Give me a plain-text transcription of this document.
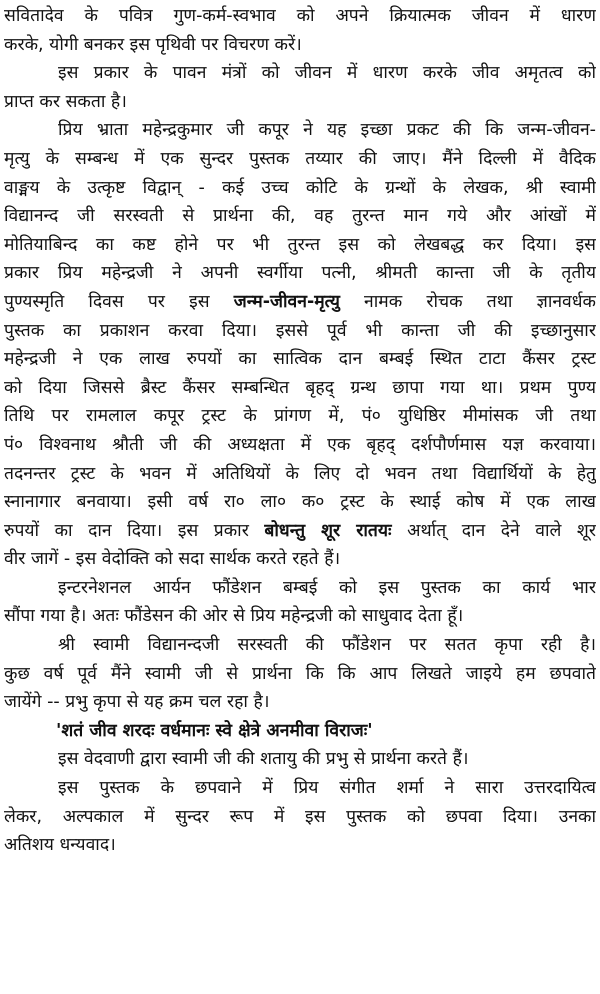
सवितादेव के पवित्र गुण-कर्म-स्वभाव को अपने क्रियात्मक जीवन में धारण
करके, योगी बनकर इस पृथिवी पर विचरण करें।
इस प्रकार के पावन मंत्रों को जीवन में धारण करके जीव अमृतत्व को
प्राप्त कर सकता है।
प्रिय भ्राता महेन्द्रकुमार जी कपूर ने यह इच्छा प्रकट की कि जन्म-जीवन-
मृत्यु के सम्बन्ध में एक सुन्दर पुस्तक तय्यार की जाए। मैंने दिल्ली में वैदिक
वाङ्मय के उत्कृष्ट विद्वान् - कई उच्च कोटि के ग्रन्थों के लेखक, श्री स्वामी
विद्यानन्द जी सरस्वती से प्रार्थना की, वह तुरन्त मान गये और आंखों में
मोतियाबिन्द का कष्ट होने पर भी तुरन्त इस को लेखबद्ध कर दिया। इस
प्रकार प्रिय महेन्द्रजी ने अपनी स्वर्गीया पत्नी, श्रीमती कान्ता जी के तृतीय
पुण्यस्मृति दिवस पर इस जन्म-जीवन-मृत्यु नामक रोचक तथा ज्ञानवर्धक
पुस्तक का प्रकाशन करवा दिया। इससे पूर्व भी कान्ता जी की इच्छानुसार
महेन्द्रजी ने एक लाख रुपयों का सात्विक दान बम्बई स्थित टाटा कैंसर ट्रस्ट
को दिया जिससे ब्रैस्ट कैंसर सम्बन्धित बृहद् ग्रन्थ छापा गया था। प्रथम पुण्य
तिथि पर रामलाल कपूर ट्रस्ट के प्रांगण में, पं० युधिष्ठिर मीमांसक जी तथा
पं० विश्वनाथ श्रौती जी की अध्यक्षता में एक बृहद् दर्शपौर्णमास यज्ञ करवाया।
तदनन्तर ट्रस्ट के भवन में अतिथियों के लिए दो भवन तथा विद्यार्थियों के हेतु
स्नानागार बनवाया। इसी वर्ष रा० ला० क० ट्रस्ट के स्थाई कोष में एक लाख
रुपयों का दान दिया। इस प्रकार बोधन्तु शूर रातयः अर्थात् दान देने वाले शूर
वीर जागें - इस वेदोक्ति को सदा सार्थक करते रहते हैं।
इन्टरनेशनल आर्यन फौंडेशन बम्बई को इस पुस्तक का कार्य भार
सौंपा गया है। अतः फौंडेसन की ओर से प्रिय महेन्द्रजी को साधुवाद देता हूँ।
श्री स्वामी विद्यानन्दजी सरस्वती की फौंडेशन पर सतत कृपा रही है।
कुछ वर्ष पूर्व मैंने स्वामी जी से प्रार्थना कि कि आप लिखते जाइये हम छपवाते
जायेंगे -- प्रभु कृपा से यह क्रम चल रहा है।
'शतं जीव शरदः वर्धमानः स्वे क्षेत्रे अनमीवा विराजः'
इस वेदवाणी द्वारा स्वामी जी की शतायु की प्रभु से प्रार्थना करते हैं।
इस पुस्तक के छपवाने में प्रिय संगीत शर्मा ने सारा उत्तरदायित्व
लेकर, अल्पकाल में सुन्दर रूप में इस पुस्तक को छपवा दिया। उनका
अतिशय धन्यवाद।
